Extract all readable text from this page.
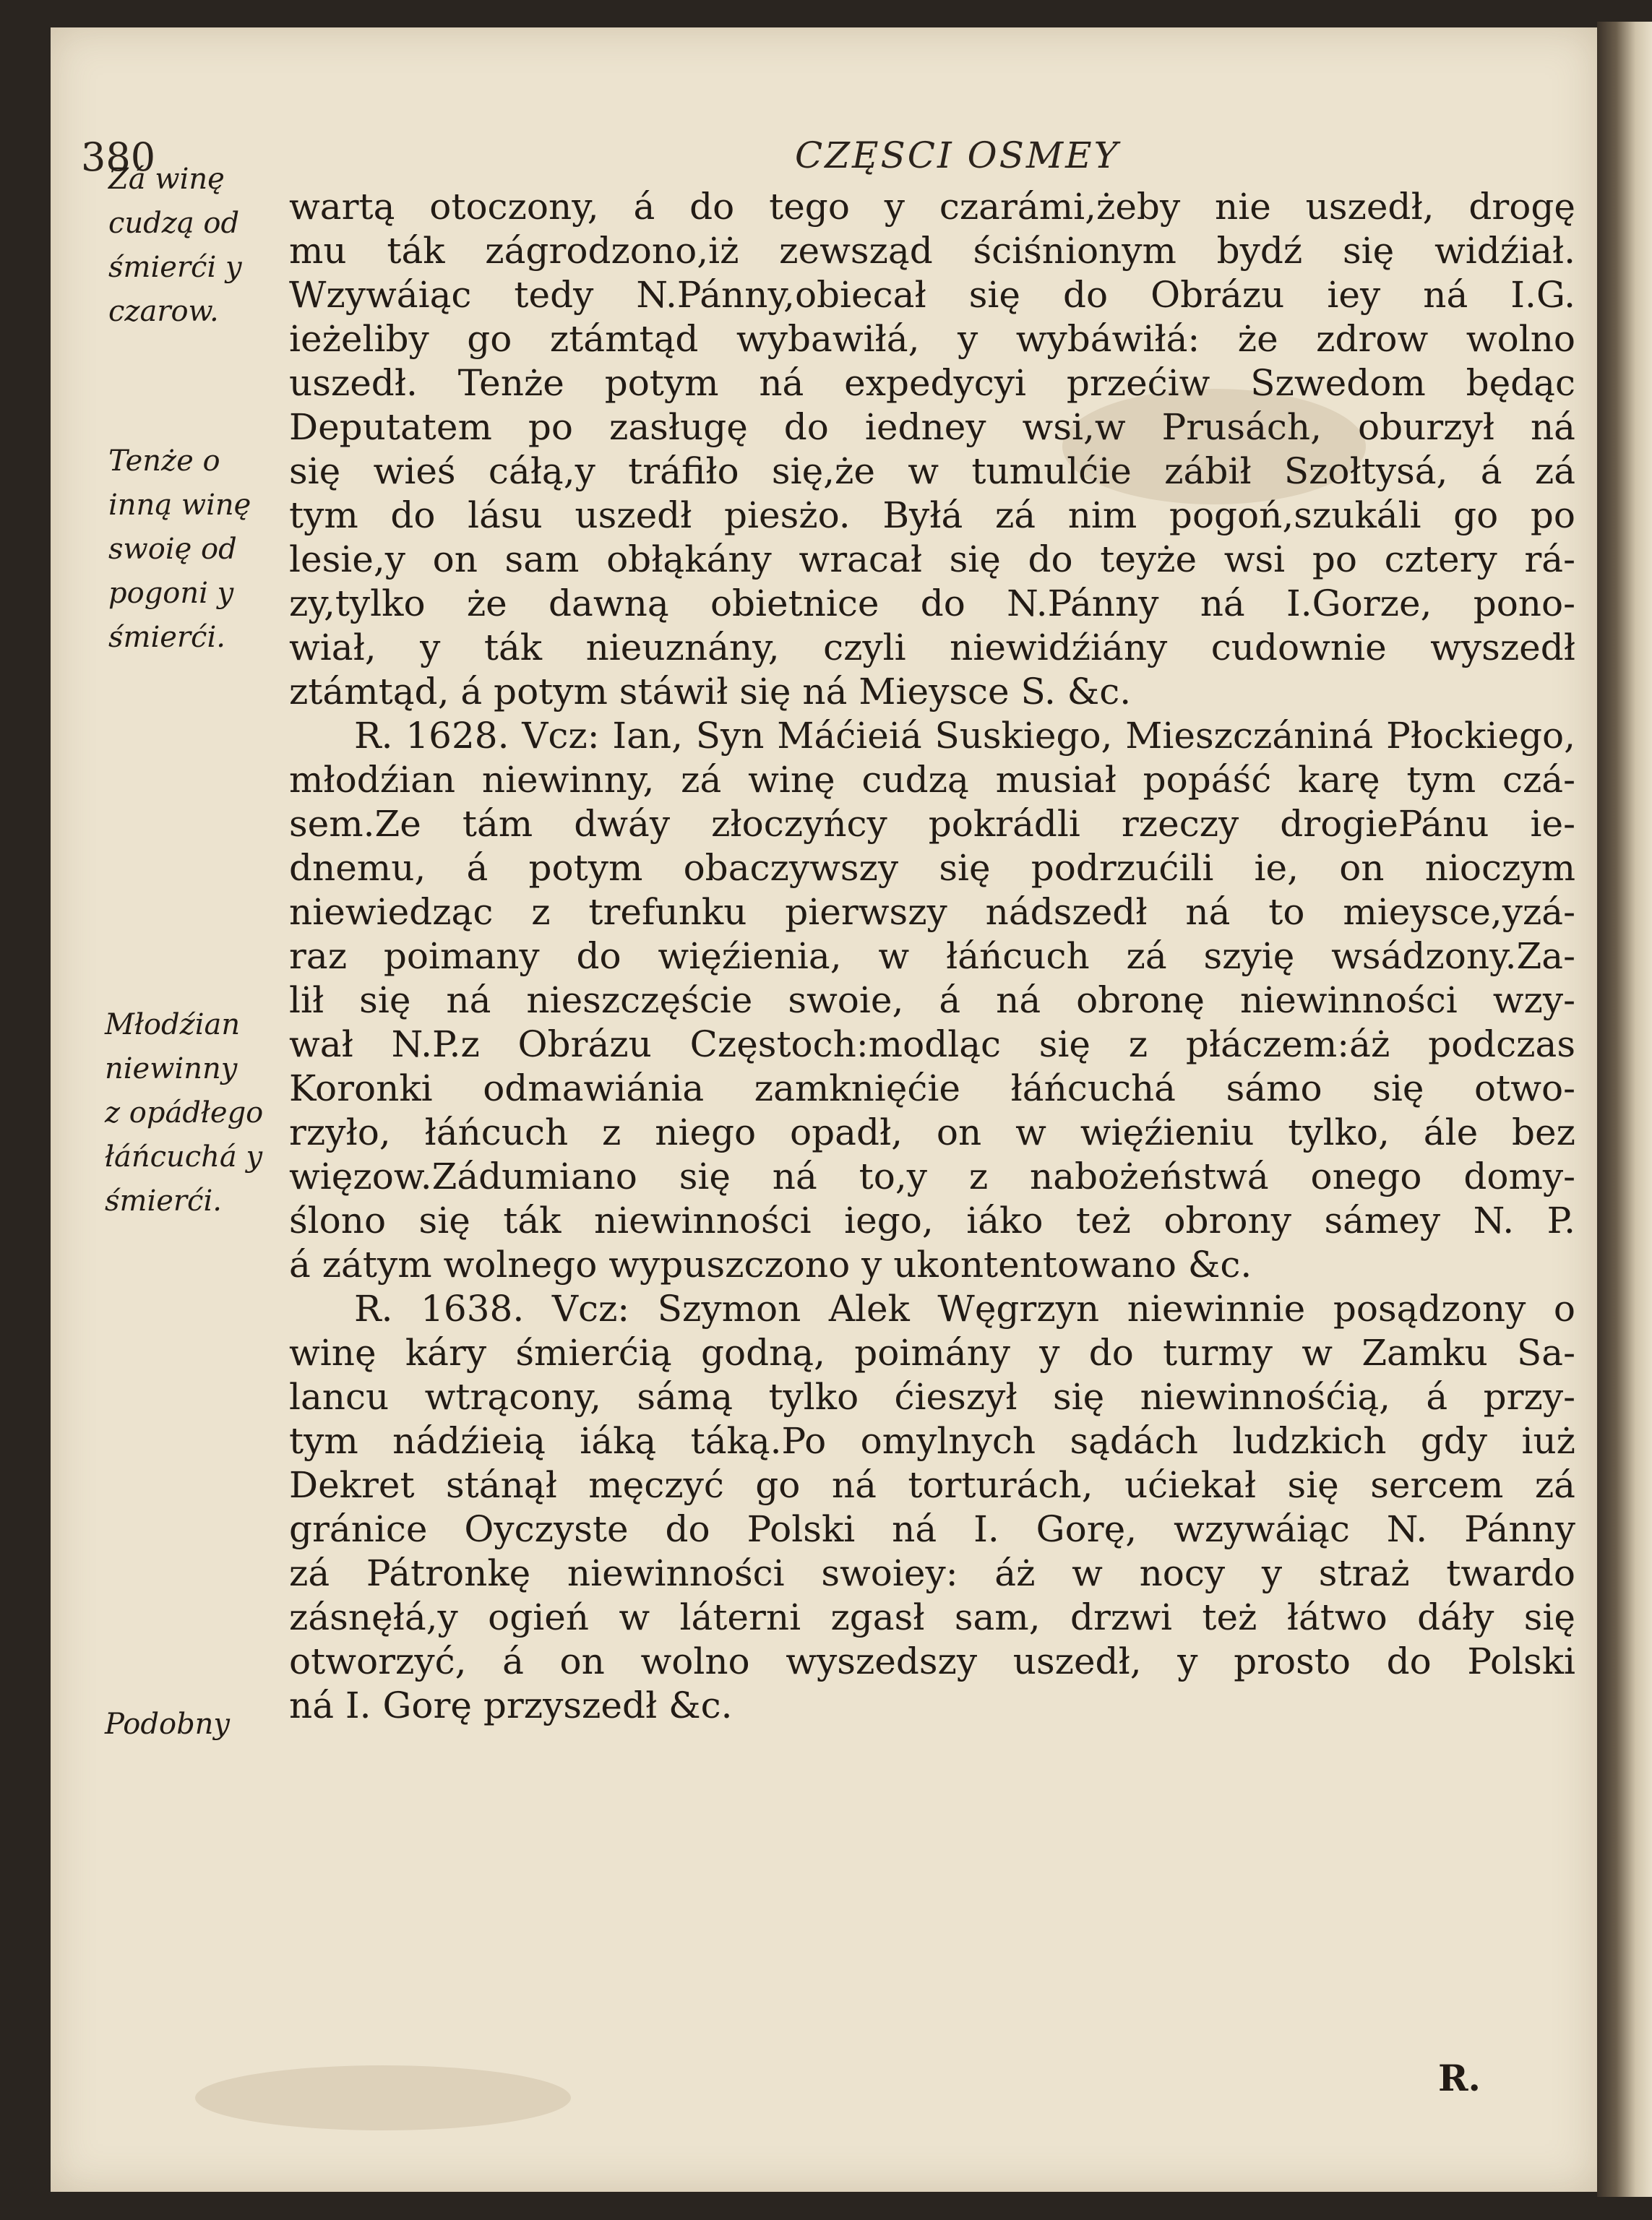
380	CZĘSCI OSMEY
Zá winę
cudzą od
śmierći y
czarow.
Tenże o
inną winę
swoię od
pogoni y
śmierći.
Młodźian
niewinny
z opádłego
łáńcuchá y
śmierći.
Podobny
wartą otoczony, á do tego y czarámi,żeby nie uszedł, drogę
mu ták zágrodzono,iż zewsząd ściśnionym bydź się widźiał.
Wzywáiąc tedy N.Pánny,obiecał się do Obrázu iey ná I.G.
ieżeliby go ztámtąd wybawiłá, y wybáwiłá: że zdrow wolno
uszedł. Tenże potym ná expedycyi przećiw Szwedom będąc
Deputatem po zasługę do iedney wsi,w Prusách, oburzył ná
się wieś cáłą,y tráfiło się,że w tumulćie zábił Szołtysá, á zá
tym do lásu uszedł piesżo. Byłá zá nim pogoń,szukáli go po
lesie,y on sam obłąkány wracał się do teyże wsi po cztery rá-
zy,tylko że dawną obietnice do N.Pánny ná I.Gorze, pono-
wiał, y ták nieuznány, czyli niewidźiány cudownie wyszedł
ztámtąd, á potym stáwił się ná Mieysce S. &c.
R. 1628. Vcz: Ian, Syn Máćieiá Suskiego, Mieszczániná Płockiego,
młodźian niewinny, zá winę cudzą musiał popáść karę tym czá-
sem.Ze tám dwáy złoczyńcy pokrádli rzeczy drogiePánu ie-
dnemu, á potym obaczywszy się podrzućili ie, on nioczym
niewiedząc z trefunku pierwszy nádszedł ná to mieysce,yzá-
raz poimany do więźienia, w łáńcuch zá szyię wsádzony.Za-
lił się ná nieszczęście swoie, á ná obronę niewinności wzy-
wał N.P.z Obrázu Częstoch:modląc się z płáczem:áż podczas
Koronki odmawiánia zamknięćie łáńcuchá sámo się otwo-
rzyło, łáńcuch z niego opadł, on w więźieniu tylko, ále bez
więzow.Zádumiano się ná to,y z nabożeństwá onego domy-
ślono się ták niewinności iego, iáko też obrony sámey N. P.
á zátym wolnego wypuszczono y ukontentowano &c.
R. 1638. Vcz: Szymon Alek Węgrzyn niewinnie posądzony o
winę káry śmierćią godną, poimány y do turmy w Zamku Sa-
lancu wtrącony, sámą tylko ćieszył się niewinnośćią, á przy-
tym nádźieią iáką táką.Po omylnych sądách ludzkich gdy iuż
Dekret stánął męczyć go ná torturách, ućiekał się sercem zá
gránice Oyczyste do Polski ná I. Gorę, wzywáiąc N. Pánny
zá Pátronkę niewinności swoiey: áż w nocy y straż twardo
zásnęłá,y ogień w láterni zgasł sam, drzwi też łátwo dáły się
otworzyć, á on wolno wyszedszy uszedł, y prosto do Polski
ná I. Gorę przyszedł &c.
R.
